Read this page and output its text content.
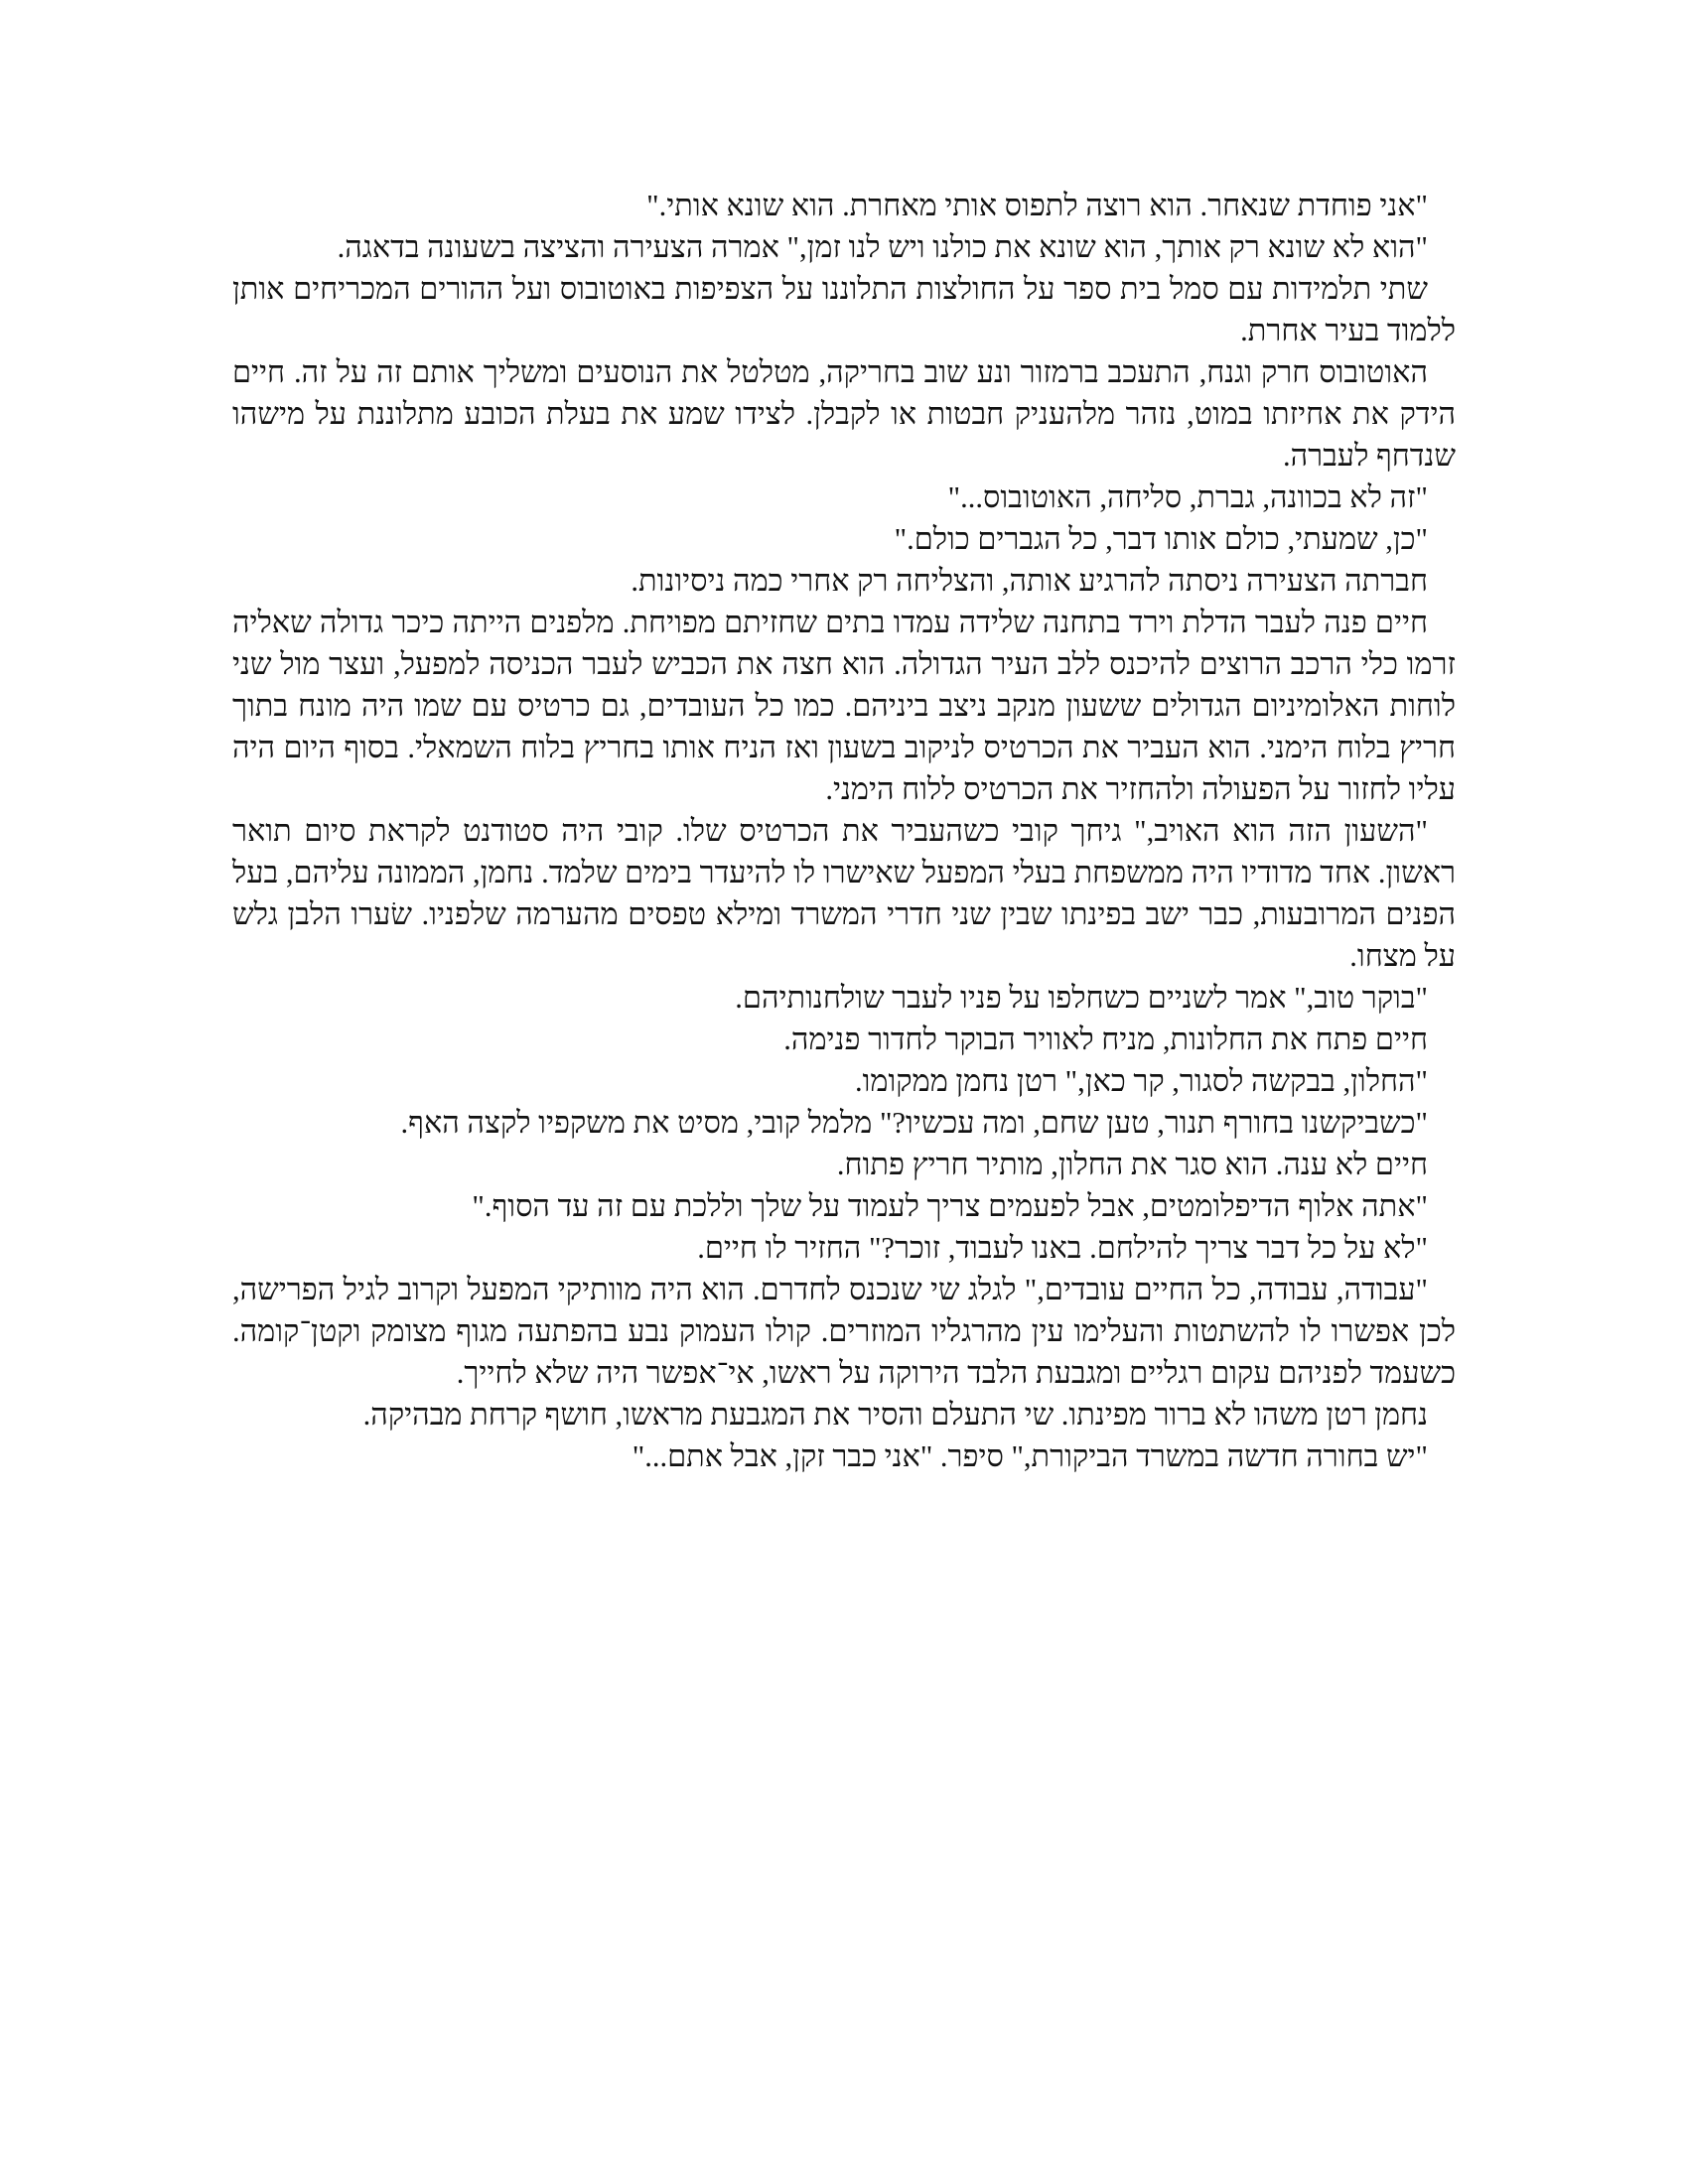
"אני פוחדת שנאחר. הוא רוצה לתפוס אותי מאחרת. הוא שונא אותי."

"הוא לא שונא רק אותך, הוא שונא את כולנו ויש לנו זמן," אמרה הצעירה והציצה בשעונה בדאגה.

שתי תלמידות עם סמל בית ספר על החולצות התלוננו על הצפיפות באוטובוס ועל ההורים המכריחים אותן ללמוד בעיר אחרת.

האוטובוס חרק וגנח, התעכב ברמזור ונע שוב בחריקה, מטלטל את הנוסעים ומשליך אותם זה על זה. חיים הידק את אחיזתו במוט, נזהר מלהעניק חבטות או לקבלן. לצידו שמע את בעלת הכובע מתלוננת על מישהו שנדחף לעברה.

"זה לא בכוונה, גברת, סליחה, האוטובוס..."

"כן, שמעתי, כולם אותו דבר, כל הגברים כולם."

חברתה הצעירה ניסתה להרגיע אותה, והצליחה רק אחרי כמה ניסיונות.

חיים פנה לעבר הדלת וירד בתחנה שלידה עמדו בתים שחזיתם מפויחת. מלפנים הייתה כיכר גדולה שאליה זרמו כלי הרכב הרוצים להיכנס ללב העיר הגדולה. הוא חצה את הכביש לעבר הכניסה למפעל, ועצר מול שני לוחות האלומיניום הגדולים ששעון מנקב ניצב ביניהם. כמו כל העובדים, גם כרטיס עם שמו היה מונח בתוך חריץ בלוח הימני. הוא העביר את הכרטיס לניקוב בשעון ואז הניח אותו בחריץ בלוח השמאלי. בסוף היום היה עליו לחזור על הפעולה ולהחזיר את הכרטיס ללוח הימני.

"השעון הזה הוא האויב," גיחך קובי כשהעביר את הכרטיס שלו. קובי היה סטודנט לקראת סיום תואר ראשון. אחד מדודיו היה ממשפחת בעלי המפעל שאישרו לו להיעדר בימים שלמד. נחמן, הממונה עליהם, בעל הפנים המרובעות, כבר ישב בפינתו שבין שני חדרי המשרד ומילא טפסים מהערמה שלפניו. שׂערו הלבן גלש על מצחו.

"בוקר טוב," אמר לשניים כשחלפו על פניו לעבר שולחנותיהם.

חיים פתח את החלונות, מניח לאוויר הבוקר לחדור פנימה.

"החלון, בבקשה לסגור, קר כאן," רטן נחמן ממקומו.

"כשביקשנו בחורף תנור, טען שחם, ומה עכשיו?" מלמל קובי, מסיט את משקפיו לקצה האף.

חיים לא ענה. הוא סגר את החלון, מותיר חריץ פתוח.

"אתה אלוף הדיפלומטים, אבל לפעמים צריך לעמוד על שלך וללכת עם זה עד הסוף."

"לא על כל דבר צריך להילחם. באנו לעבוד, זוכר?" החזיר לו חיים.

"עבודה, עבודה, כל החיים עובדים," לגלג שי שנכנס לחדרם. הוא היה מוותיקי המפעל וקרוב לגיל הפרישה, לכן אפשרו לו להשתטות והעלימו עין מהרגליו המוזרים. קולו העמוק נבע בהפתעה מגוף מצומק וקטן־קומה. כשעמד לפניהם עקום רגליים ומגבעת הלבד הירוקה על ראשו, אי־אפשר היה שלא לחייך.

נחמן רטן משהו לא ברור מפינתו. שי התעלם והסיר את המגבעת מראשו, חושף קרחת מבהיקה.

"יש בחורה חדשה במשרד הביקורת," סיפר. "אני כבר זקן, אבל אתם..."
